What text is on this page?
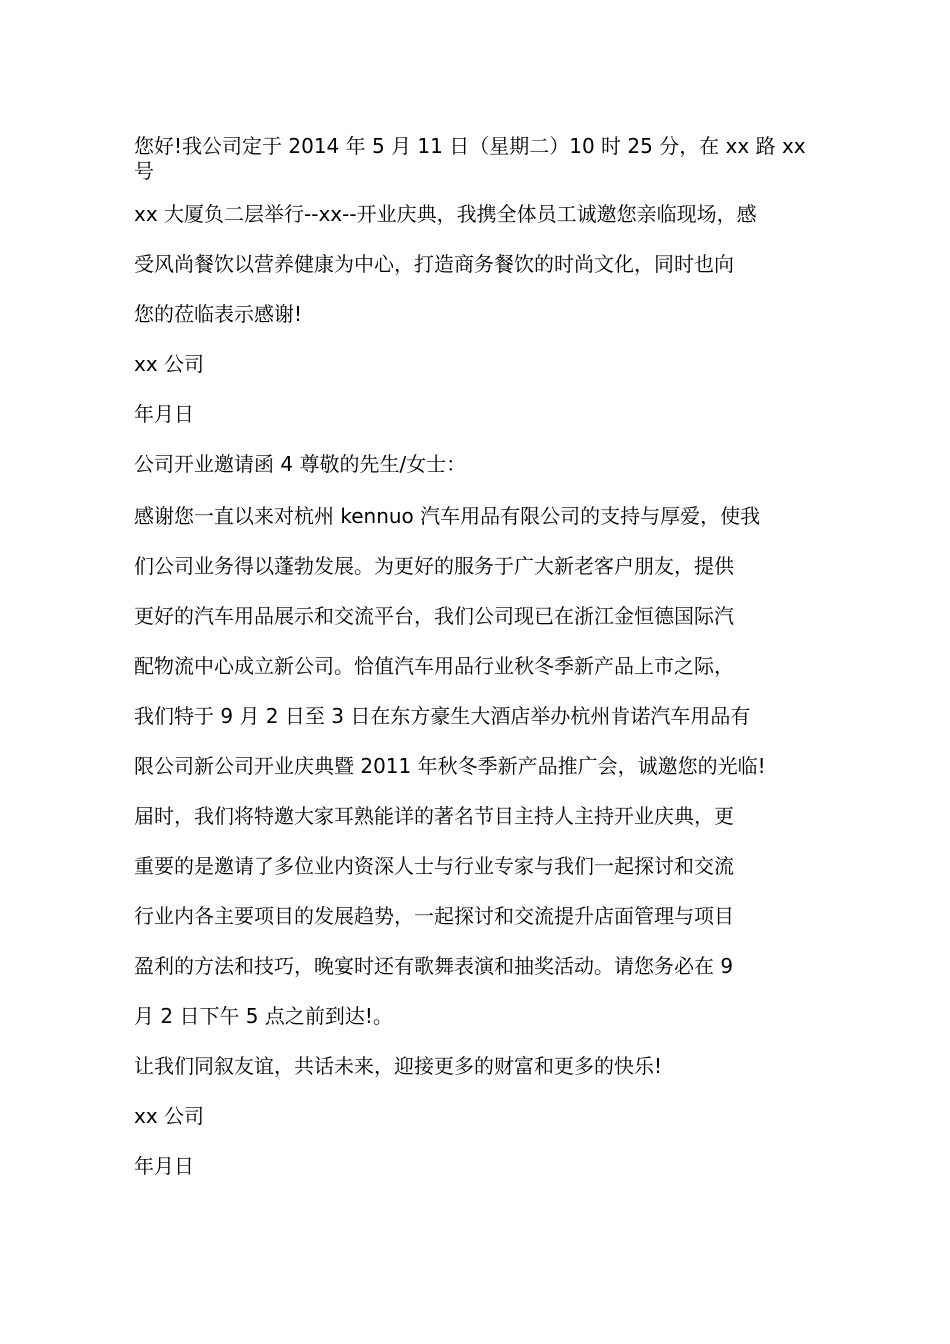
您好!我公司定于 2014 年 5 月 11 日（星期二）10 时 25 分，在 xx 路 xx 号
xx 大厦负二层举行--xx--开业庆典，我携全体员工诚邀您亲临现场，感
受风尚餐饮以营养健康为中心，打造商务餐饮的时尚文化，同时也向
您的莅临表示感谢!
xx 公司
年月日
公司开业邀请函 4 尊敬的先生/女士：
感谢您一直以来对杭州 kennuo 汽车用品有限公司的支持与厚爱，使我
们公司业务得以蓬勃发展。为更好的服务于广大新老客户朋友，提供
更好的汽车用品展示和交流平台，我们公司现已在浙江金恒德国际汽
配物流中心成立新公司。恰值汽车用品行业秋冬季新产品上市之际，
我们特于 9 月 2 日至 3 日在东方豪生大酒店举办杭州肯诺汽车用品有
限公司新公司开业庆典暨 2011 年秋冬季新产品推广会，诚邀您的光临!
届时，我们将特邀大家耳熟能详的著名节目主持人主持开业庆典，更
重要的是邀请了多位业内资深人士与行业专家与我们一起探讨和交流
行业内各主要项目的发展趋势，一起探讨和交流提升店面管理与项目
盈利的方法和技巧，晚宴时还有歌舞表演和抽奖活动。请您务必在 9
月 2 日下午 5 点之前到达!。
让我们同叙友谊，共话未来，迎接更多的财富和更多的快乐!
xx 公司
年月日
